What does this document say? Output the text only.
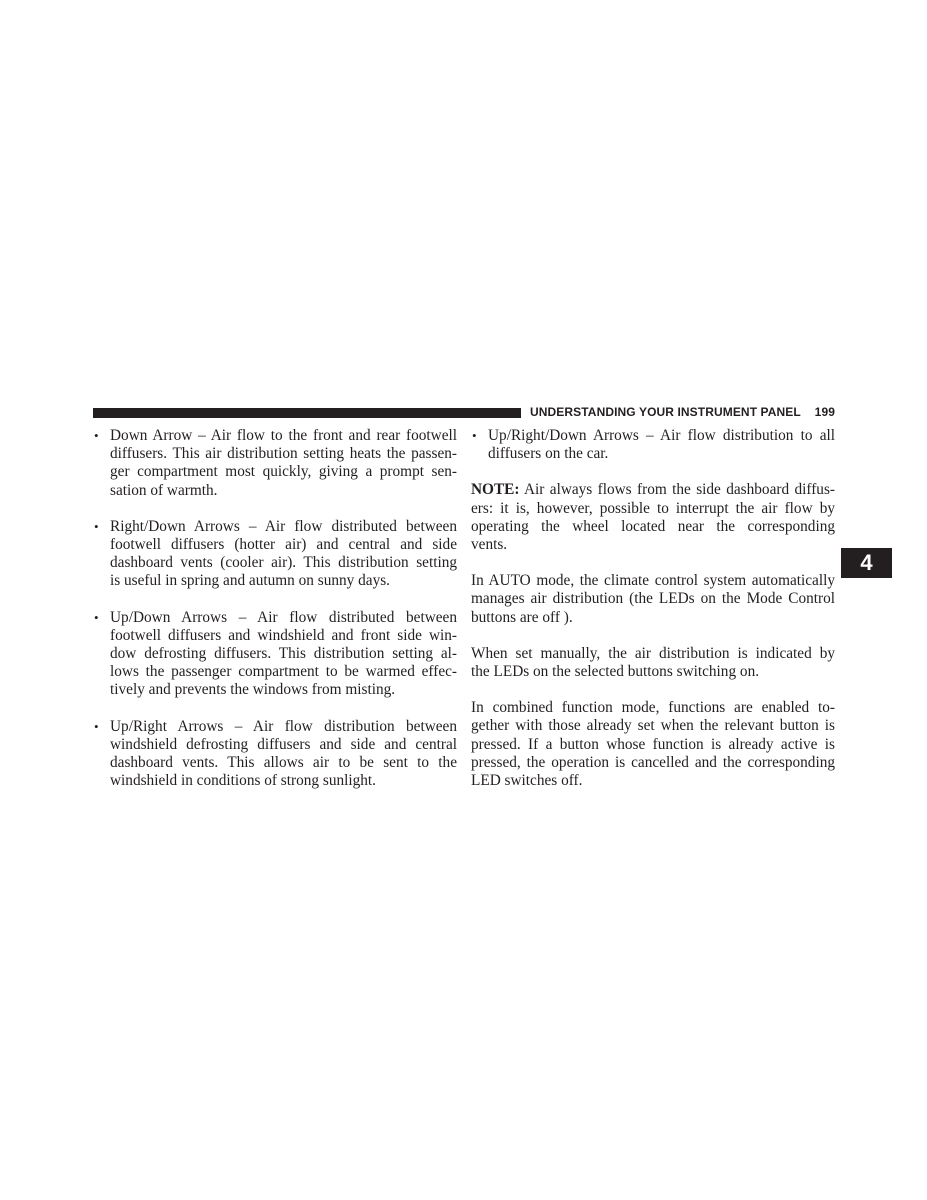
UNDERSTANDING YOUR INSTRUMENT PANEL 199
4
• Down Arrow – Air flow to the front and rear footwell
diffusers. This air distribution setting heats the passen-
ger compartment most quickly, giving a prompt sen-
sation of warmth.
• Right/Down Arrows – Air flow distributed between
footwell diffusers (hotter air) and central and side
dashboard vents (cooler air). This distribution setting
is useful in spring and autumn on sunny days.
• Up/Down Arrows – Air flow distributed between
footwell diffusers and windshield and front side win-
dow defrosting diffusers. This distribution setting al-
lows the passenger compartment to be warmed effec-
tively and prevents the windows from misting.
• Up/Right Arrows – Air flow distribution between
windshield defrosting diffusers and side and central
dashboard vents. This allows air to be sent to the
windshield in conditions of strong sunlight.
• Up/Right/Down Arrows – Air flow distribution to all
diffusers on the car.
NOTE: Air always flows from the side dashboard diffus-
ers: it is, however, possible to interrupt the air flow by
operating the wheel located near the corresponding
vents.
In AUTO mode, the climate control system automatically
manages air distribution (the LEDs on the Mode Control
buttons are off ).
When set manually, the air distribution is indicated by
the LEDs on the selected buttons switching on.
In combined function mode, functions are enabled to-
gether with those already set when the relevant button is
pressed. If a button whose function is already active is
pressed, the operation is cancelled and the corresponding
LED switches off.
